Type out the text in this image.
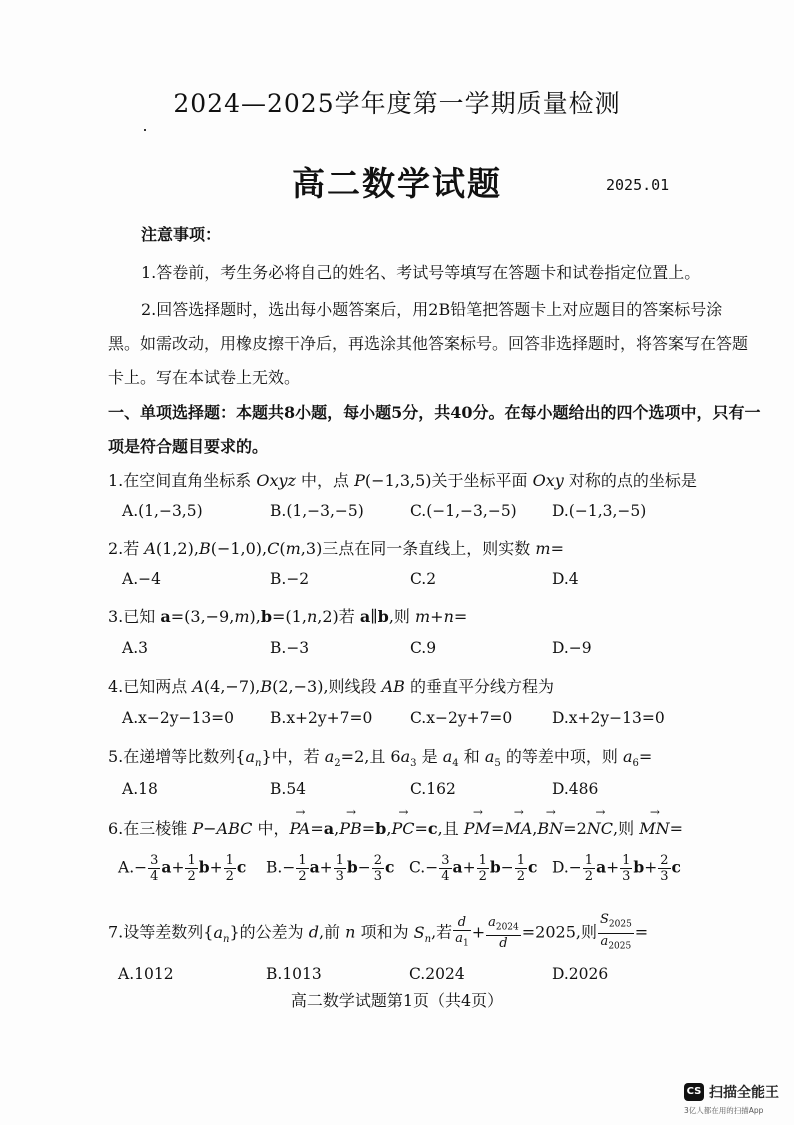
2024—2025学年度第一学期质量检测
高二数学试题	2025.01
注意事项：
1.答卷前，考生务必将自己的姓名、考试号等填写在答题卡和试卷指定位置上。
2.回答选择题时，选出每小题答案后，用2B铅笔把答题卡上对应题目的答案标号涂
黑。如需改动，用橡皮擦干净后，再选涂其他答案标号。回答非选择题时，将答案写在答题
卡上。写在本试卷上无效。
一、单项选择题：本题共8小题，每小题5分，共40分。在每小题给出的四个选项中，只有一
项是符合题目要求的。
1.在空间直角坐标系 Oxyz 中，点 P(−1,3,5)关于坐标平面 Oxy 对称的点的坐标是
A.(1,−3,5)	B.(1,−3,−5)	C.(−1,−3,−5) D.(−1,3,−5)
2.若 A(1,2),B(−1,0),C(m,3)三点在同一条直线上，则实数 m=
A.−4	B.−2	C.2	D.4
3.已知 a=(3,−9,m),b=(1,n,2)若 a∥b,则 m+n=
A.3	B.−3	C.9	D.−9
4.已知两点 A(4,−7),B(2,−3),则线段 AB 的垂直平分线方程为
A.x−2y−13=0 B.x+2y+7=0 C.x−2y+7=0	D.x+2y−13=0
5.在递增等比数列$\{a_n\}$中，若 $a_2=2$,且 $6a_3$ 是 $a_4$ 和 $a_5$ 的等差中项，则 $a_6=$
A.18	B.54	C.162	D.486
6.在三棱锥 P−ABC 中，→ PA=a,→ PB=b,→ PC=c,且 → PM=→ MA,→ BN=2→ NC,则 → MN=
$A.- \frac{3}{4} a+ \frac{1}{2} b+ \frac{1}{2}$ c $B.- \frac{1}{2} a+ \frac{1}{3} b- \frac{2}{3}$ c $C.- \frac{3}{4} a+ \frac{1}{2} b- \frac{1}{2}$ c $D.- \frac{1}{2} a+ \frac{1}{3} b+ \frac{2}{3}$ c
7.设等差数列$\{a_n\}$的公差为 d,前 n 项和为 $S_n$,若 $\frac{d}{a_1} + \frac{a_{2024}}{d} =2025$,则 $\frac{S_{2025}}{a_{2025}}$ =
A.1012	B.1013	C.2024	D.2026
高二数学试题第1页（共4页）
CS 扫描全能王
3亿人都在用的扫描App
